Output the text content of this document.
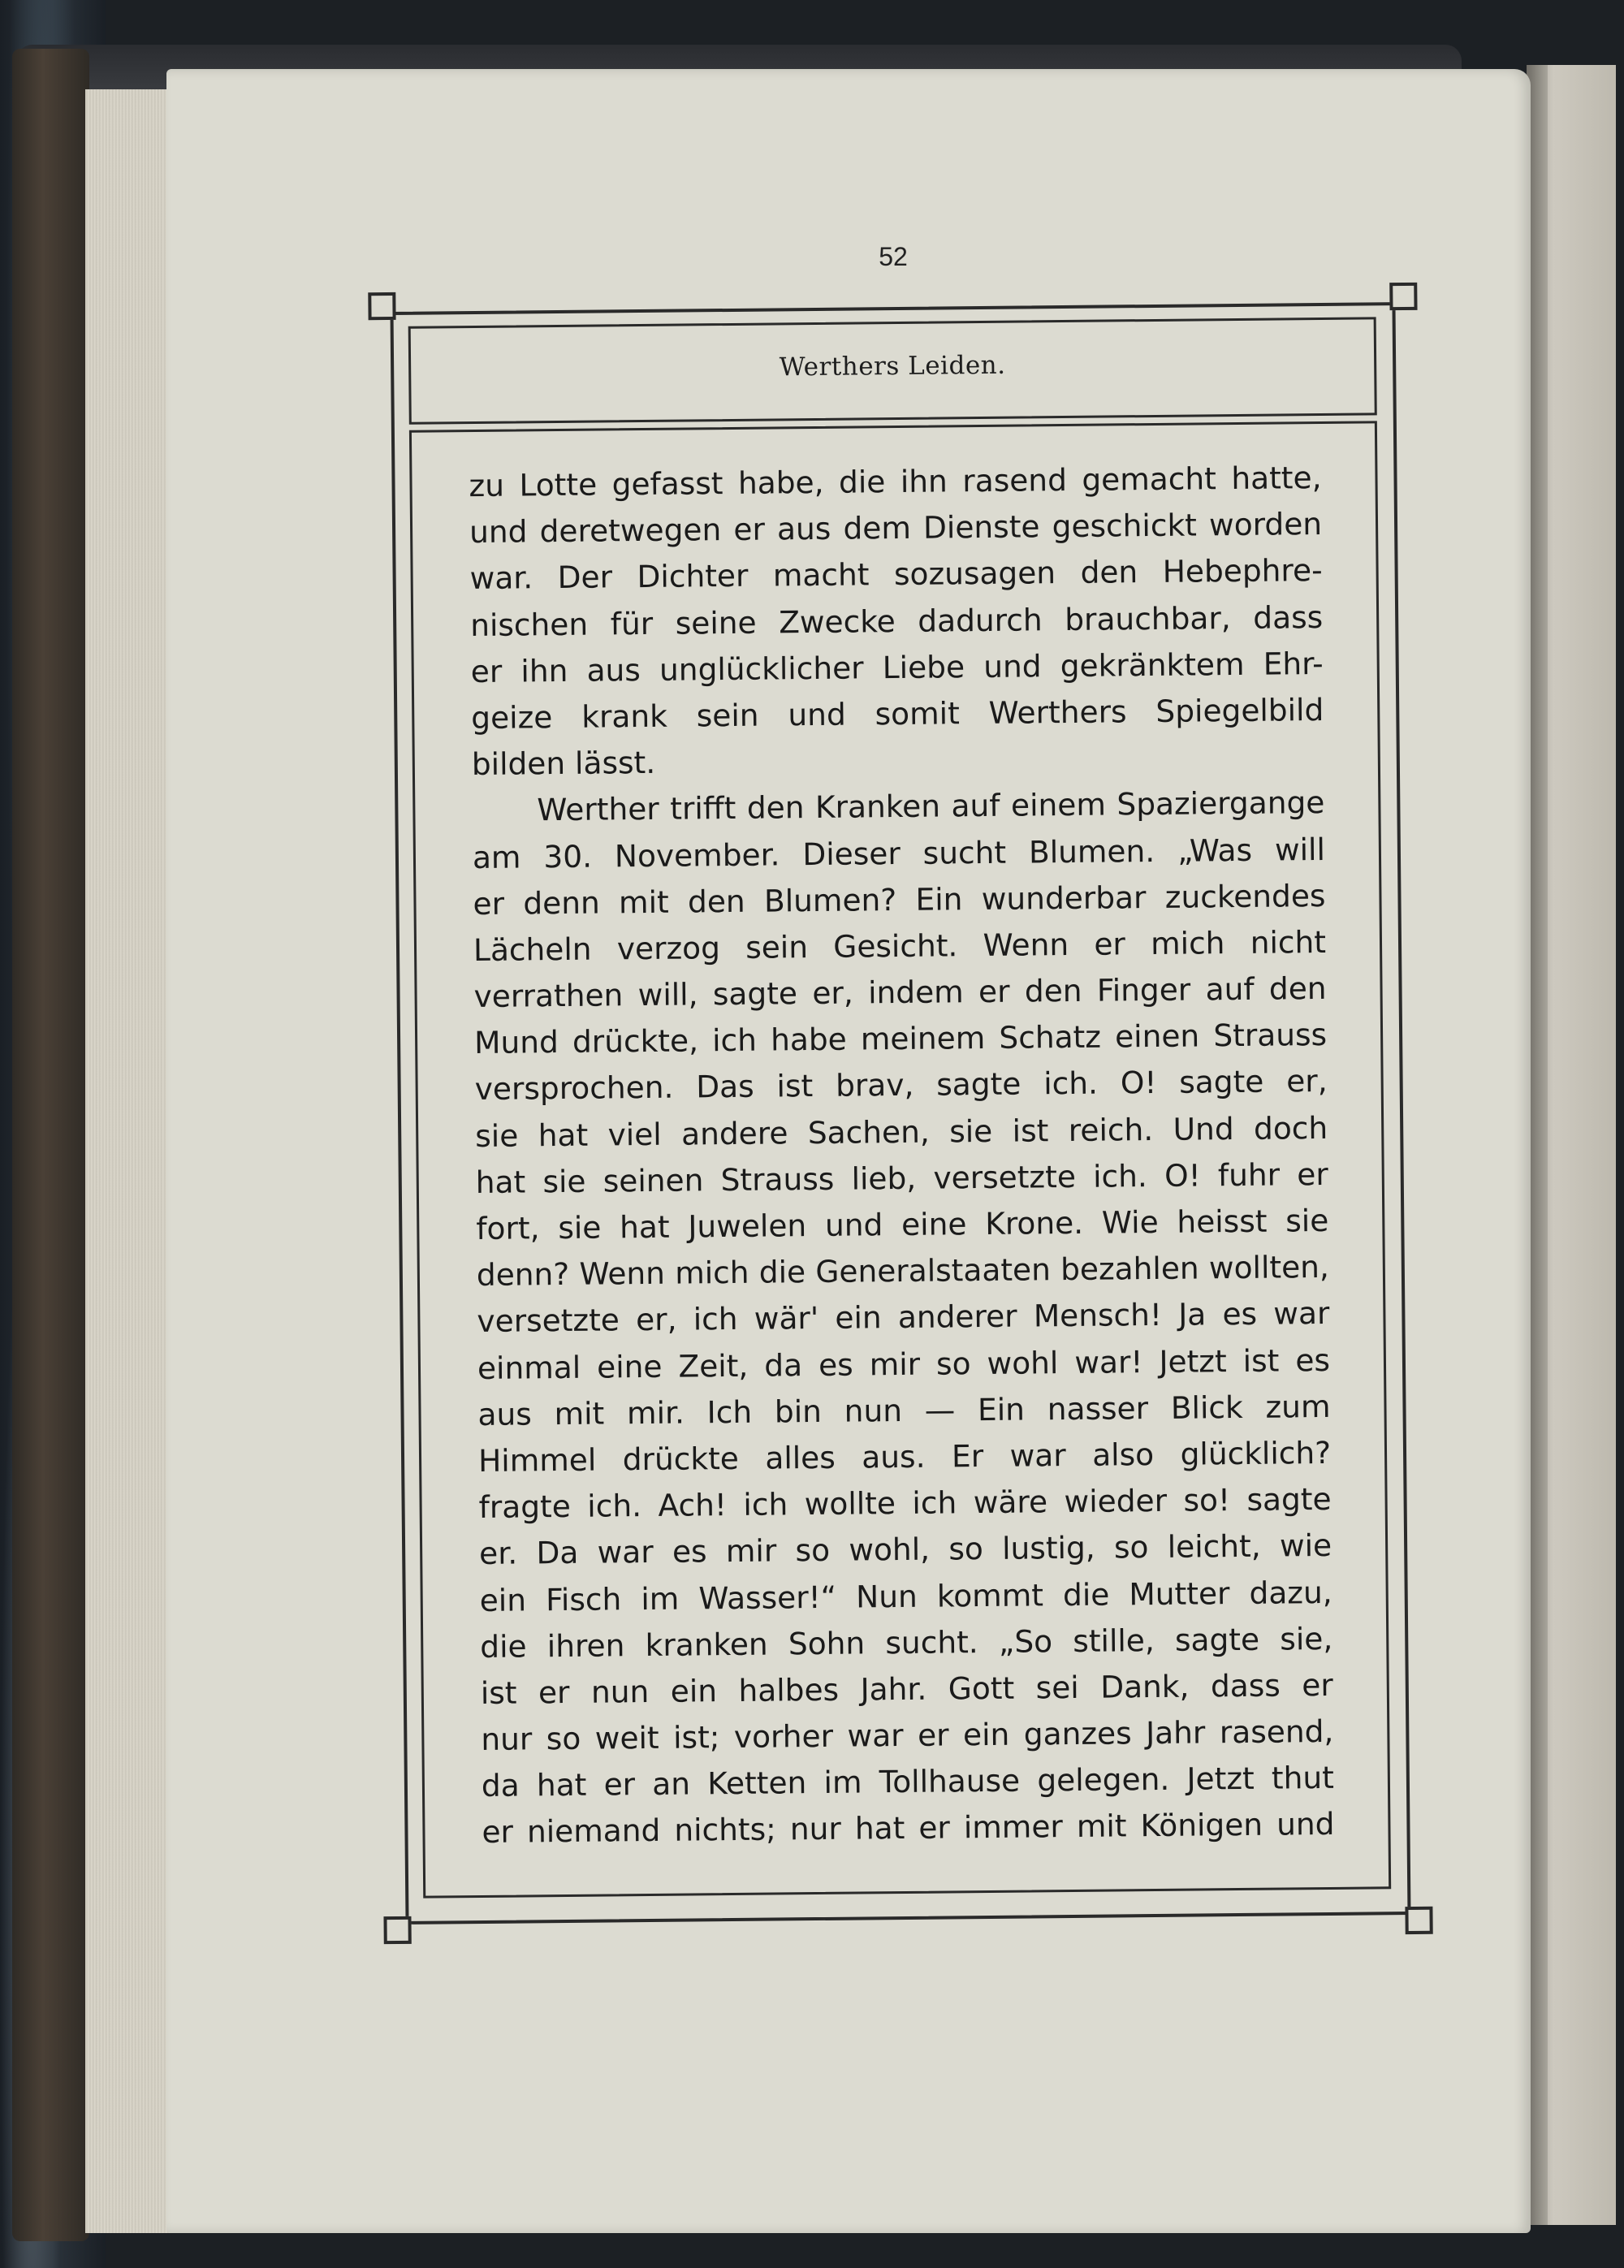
52
Werthers Leiden.
zu Lotte gefasst habe, die ihn rasend gemacht hatte,
und deretwegen er aus dem Dienste geschickt worden
war. Der Dichter macht sozusagen den Hebephre-
nischen für seine Zwecke dadurch brauchbar, dass
er ihn aus unglücklicher Liebe und gekränktem Ehr-
geize krank sein und somit Werthers Spiegelbild
bilden lässt.
Werther trifft den Kranken auf einem Spaziergange
am 30. November. Dieser sucht Blumen. „Was will
er denn mit den Blumen? Ein wunderbar zuckendes
Lächeln verzog sein Gesicht. Wenn er mich nicht
verrathen will, sagte er, indem er den Finger auf den
Mund drückte, ich habe meinem Schatz einen Strauss
versprochen. Das ist brav, sagte ich. O! sagte er,
sie hat viel andere Sachen, sie ist reich. Und doch
hat sie seinen Strauss lieb, versetzte ich. O! fuhr er
fort, sie hat Juwelen und eine Krone. Wie heisst sie
denn? Wenn mich die Generalstaaten bezahlen wollten,
versetzte er, ich wär' ein anderer Mensch! Ja es war
einmal eine Zeit, da es mir so wohl war! Jetzt ist es
aus mit mir. Ich bin nun — Ein nasser Blick zum
Himmel drückte alles aus. Er war also glücklich?
fragte ich. Ach! ich wollte ich wäre wieder so! sagte
er. Da war es mir so wohl, so lustig, so leicht, wie
ein Fisch im Wasser!“ Nun kommt die Mutter dazu,
die ihren kranken Sohn sucht. „So stille, sagte sie,
ist er nun ein halbes Jahr. Gott sei Dank, dass er
nur so weit ist; vorher war er ein ganzes Jahr rasend,
da hat er an Ketten im Tollhause gelegen. Jetzt thut
er niemand nichts; nur hat er immer mit Königen und
